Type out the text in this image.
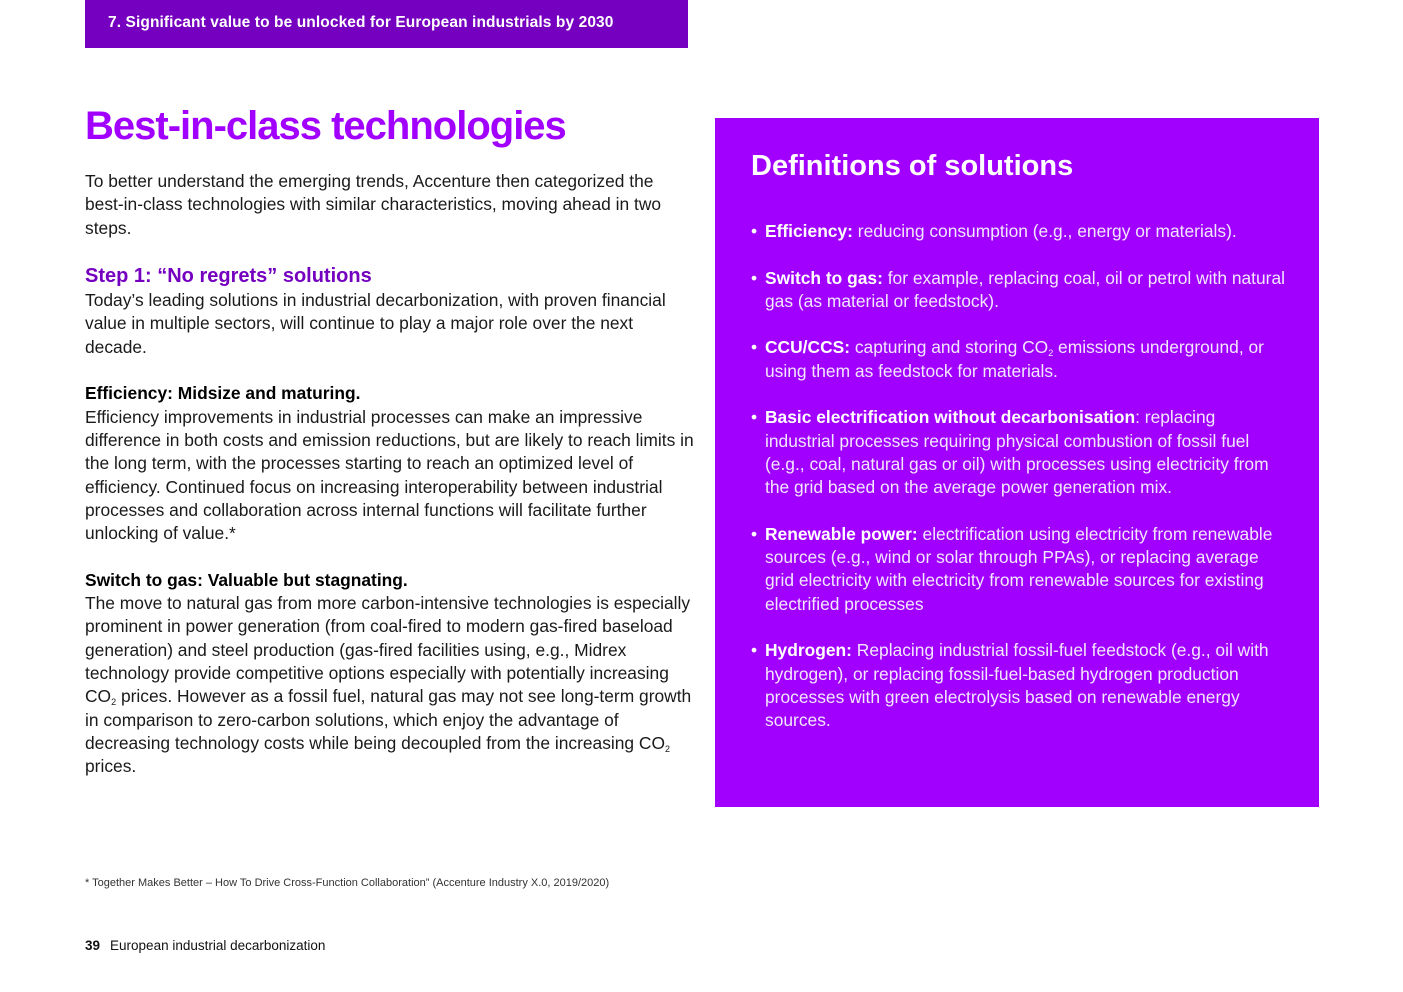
7. Significant value to be unlocked for European industrials by 2030
Best-in-class technologies

To better understand the emerging trends, Accenture then categorized the best-in-class technologies with similar characteristics, moving ahead in two steps.

Step 1: “No regrets” solutions

Today’s leading solutions in industrial decarbonization, with proven financial value in multiple sectors, will continue to play a major role over the next decade.

Efficiency: Midsize and maturing.

Efficiency improvements in industrial processes can make an impressive difference in both costs and emission reductions, but are likely to reach limits in the long term, with the processes starting to reach an optimized level of efficiency. Continued focus on increasing interoperability between industrial processes and collaboration across internal functions will facilitate further unlocking of value.*

Switch to gas: Valuable but stagnating.

The move to natural gas from more carbon-intensive technologies is especially prominent in power generation (from coal-fired to modern gas-fired baseload generation) and steel production (gas-fired facilities using, e.g., Midrex technology provide competitive options especially with potentially increasing $CO_2$ prices. However as a fossil fuel, natural gas may not see long-term growth in comparison to zero-carbon solutions, which enjoy the advantage of decreasing technology costs while being decoupled from the increasing $CO_2$ prices.

Definitions of solutions
• Efficiency: reducing consumption (e.g., energy or materials).
• Switch to gas: for example, replacing coal, oil or petrol with natural gas (as material or feedstock).
• CCU/CCS: capturing and storing $CO_2$ emissions underground, or using them as feedstock for materials.
• Basic electrification without decarbonisation: replacing industrial processes requiring physical combustion of fossil fuel (e.g., coal, natural gas or oil) with processes using electricity from the grid based on the average power generation mix.
• Renewable power: electrification using electricity from renewable sources (e.g., wind or solar through PPAs), or replacing average grid electricity with electricity from renewable sources for existing electrified processes
• Hydrogen: Replacing industrial fossil-fuel feedstock (e.g., oil with hydrogen), or replacing fossil-fuel-based hydrogen production processes with green electrolysis based on renewable energy sources.
* Together Makes Better – How To Drive Cross-Function Collaboration” (Accenture Industry X.0, 2019/2020)
39 European industrial decarbonization
